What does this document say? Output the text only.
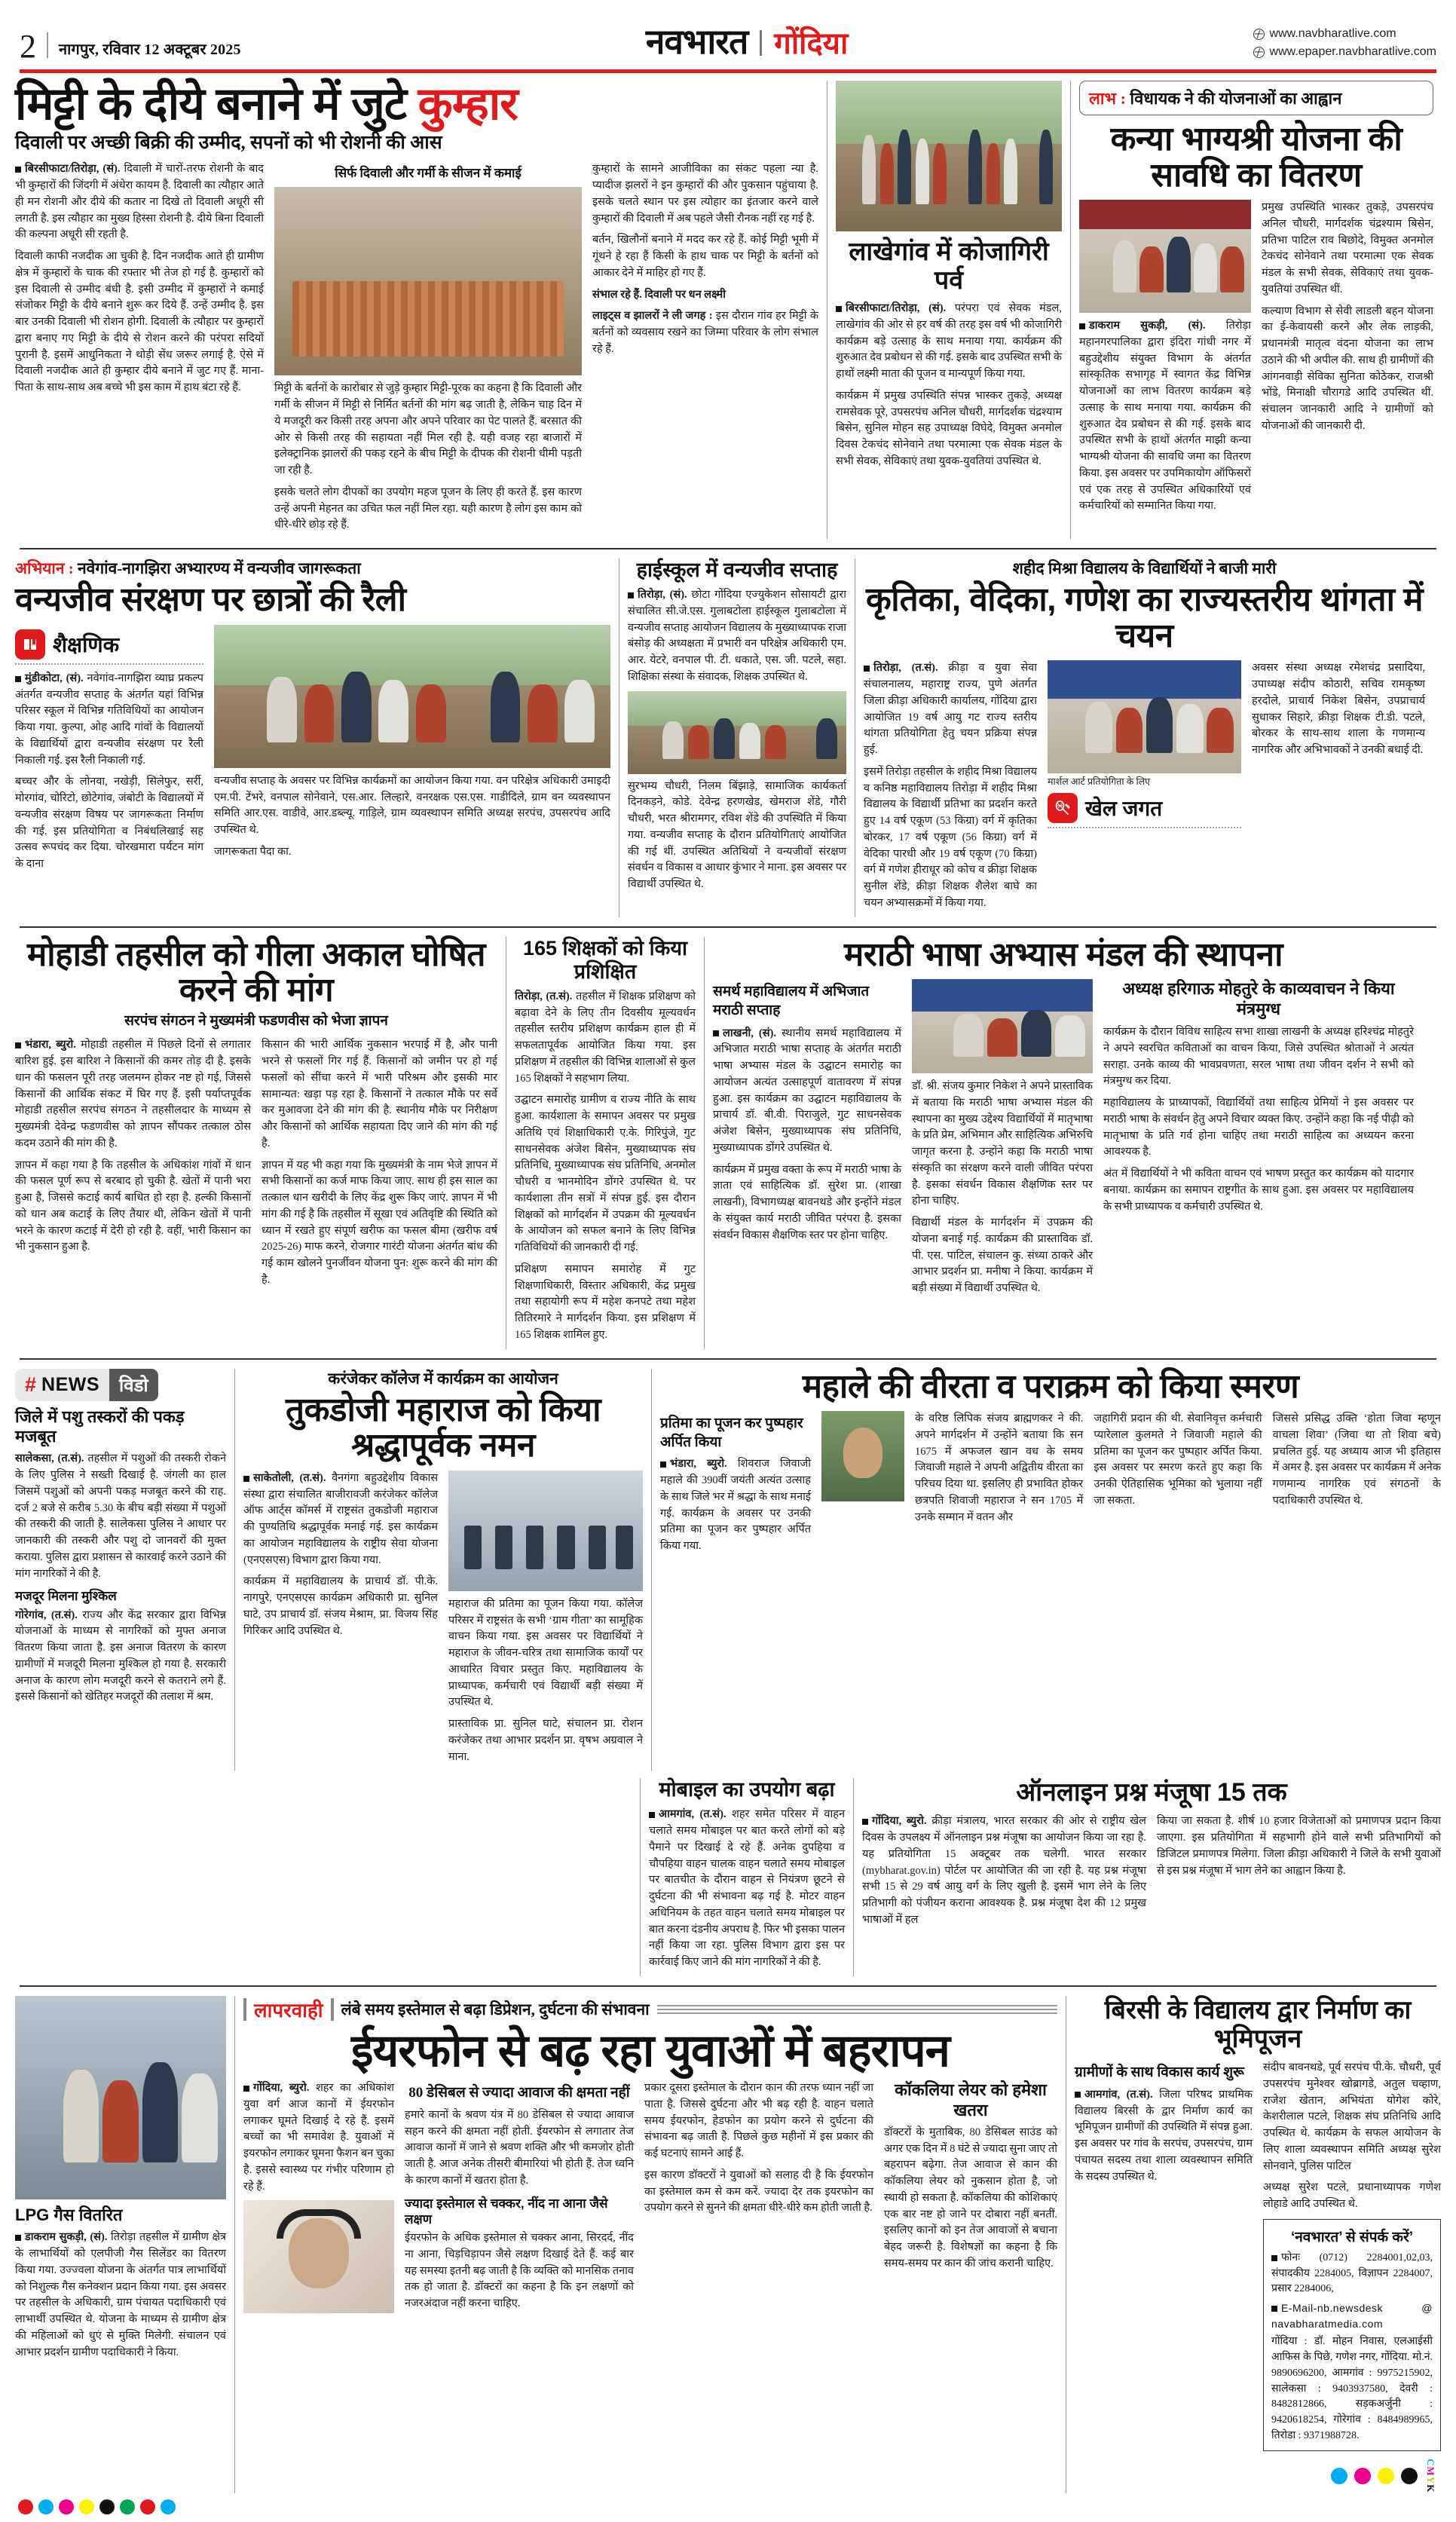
2 नागपुर, रविवार 12 अक्टूबर 2025	नवभारत गोंदिया	www.navbharatlive.com
www.epaper.navbharatlive.com
मिट्टी के दीये बनाने में जुटे कुम्हार
दिवाली पर अच्छी बिक्री की उम्मीद, सपनों को भी रोशनी की आस

बिरसीफाटा/तिरोड़ा, (सं). दिवाली में चारों-तरफ रोशनी के बाद भी कुम्हारों की जिंदगी में अंधेरा कायम है. दिवाली का त्यौहार आते ही मन रोशनी और दीये की कतार ना दिखे तो दिवाली अधूरी सी लगती है. इस त्यौहार का मुख्य हिस्सा रोशनी है. दीये बिना दिवाली की कल्पना अधूरी सी रहती है.

दिवाली काफी नजदीक आ चुकी है. दिन नजदीक आते ही ग्रामीण क्षेत्र में कुम्हारों के चाक की रफ्तार भी तेज हो गई है. कुम्हारों को इस दिवाली से उम्मीद बंधी है. इसी उम्मीद में कुम्हारों ने कमाई संजोकर मिट्टी के दीये बनाने शुरू कर दिये हैं. उन्हें उम्मीद है. इस बार उनकी दिवाली भी रोशन होगी. दिवाली के त्यौहार पर कुम्हारों द्वारा बनाए गए मिट्टी के दीये से रोशन करने की परंपरा सदियों पुरानी है. इसमें आधुनिकता ने थोड़ी सेंध जरूर लगाई है. ऐसे में दिवाली नजदीक आते ही कुम्हार दीये बनाने में जुट गए हैं. माना-पिता के साथ-साथ अब बच्चे भी इस काम में हाथ बंटा रहे हैं.

सिर्फ दिवाली और गर्मी के सीजन में कमाई

मिट्टी के बर्तनों के कारोबार से जुड़े कुम्हार मिट्टी-पूरक का कहना है कि दिवाली और गर्मी के सीजन में मिट्टी से निर्मित बर्तनों की मांग बढ़ जाती है, लेकिन चाह दिन में ये मजदूरी कर किसी तरह अपना और अपने परिवार का पेट पालते हैं. बरसात की ओर से किसी तरह की सहायता नहीं मिल रही है. यही वजह रहा बाजारों में इलेक्ट्रानिक झालरों की पकड़ रहने के बीच मिट्टी के दीपक की रोशनी धीमी पड़ती जा रही है.

इसके चलते लोग दीपकों का उपयोग महज पूजन के लिए ही करते हैं. इस कारण उन्हें अपनी मेहनत का उचित फल नहीं मिल रहा. यही कारण है लोग इस काम को धीरे-धीरे छोड़ रहे हैं.

कुम्हारों के सामने आजीविका का संकट पहला न्या है. प्यादीज झलरों ने इन कुम्हारों की और पुकसान पहुंचाया है. इसके चलते स्थान पर इस त्योहार का इंतजार करने वाले कुम्हारों की दिवाली में अब पहले जैसी रौनक नहीं रह गई है.

बर्तन, खिलौनों बनाने में मदद कर रहे हैं. कोई मिट्टी भूमी में गूंथने हे रहा हैं किसी के हाथ चाक पर मिट्टी के बर्तनों को आकार देने में माहिर हो गए हैं.

संभाल रहे हैं. दिवाली पर धन लक्ष्मी

लाइट्स व झालरों ने ली जगह : इस दौरान गांव हर मिट्टी के बर्तनों को व्यवसाय रखने का जिम्मा परिवार के लोग संभाल रहे हैं.

लाखेगांव में कोजागिरी पर्व

बिरसीफाटा/तिरोड़ा, (सं). परंपरा एवं सेवक मंडल, लाखेगांव की ओर से हर वर्ष की तरह इस वर्ष भी कोजागिरी कार्यक्रम बड़े उत्साह के साथ मनाया गया. कार्यक्रम की शुरुआत देव प्रबोधन से की गई. इसके बाद उपस्थित सभी के हाथों लक्ष्मी माता की पूजन व मान्यपूर्ण किया गया.

कार्यक्रम में प्रमुख उपस्थिति संपन्न भास्कर तुकड़े, अध्यक्ष रामसेवक पूरे, उपसरपंच अनिल चौधरी, मार्गदर्शक चंद्रश्याम बिसेन, सुनिल मोहन सह उपाध्यक्ष विघेदे, विमुक्त अनमोल दिवस टेकचंद सोनेवाने तथा परमात्मा एक सेवक मंडल के सभी सेवक, सेविकाएं तथा युवक-युवतियां उपस्थित थे.

लाभ : विधायक ने की योजनाओं का आह्वान
कन्या भाग्यश्री योजना की सावधि का वितरण

डाकराम सुकड़ी, (सं). तिरोड़ा महानगरपालिका द्वारा इंदिरा गांधी नगर में बहुउद्देशीय संयुक्त विभाग के अंतर्गत सांस्कृतिक सभागृह में स्वागत केंद्र विभिन्न योजनाओं का लाभ वितरण कार्यक्रम बड़े उत्साह के साथ मनाया गया. कार्यक्रम की शुरुआत देव प्रबोधन से की गई. इसके बाद उपस्थित सभी के हाथों अंतर्गत माझी कन्या भाग्यश्री योजना की सावधि जमा का वितरण किया. इस अवसर पर उपमिकायोग ऑफिसरों एवं एक तरह से उपस्थित अधिकारियों एवं कर्मचारियों को सम्मानित किया गया.

प्रमुख उपस्थिति भास्कर तुकड़े, उपसरपंच अनिल चौधरी, मार्गदर्शक चंद्रश्याम बिसेन, प्रतिभा पाटिल राव बिछोदे, विमुक्त अनमोल टेकचंद सोनेवाने तथा परमात्मा एक सेवक मंडल के सभी सेवक, सेविकाएं तथा युवक-युवतियां उपस्थित थीं.

कल्याण विभाग से सेवी लाडली बहन योजना का ई-केवायसी करने और लेक लाड़की, प्रधानमंत्री मातृत्व वंदना योजना का लाभ उठाने की भी अपील की. साथ ही ग्रामीणों की आंगनवाड़ी सेविका सुनिता कोठेकर, राजश्री भोंडे, मिनाक्षी चौरागडे आदि उपस्थित थीं. संचालन जानकारी आदि ने ग्रामीणों को योजनाओं की जानकारी दी.

अभियान : नवेगांव-नागझिरा अभ्यारण्य में वन्यजीव जागरूकता
वन्यजीव संरक्षण पर छात्रों की रैली
शैक्षणिक

मुंडीकोटा, (सं). नवेगांव-नागझिरा व्याघ्र प्रकल्प अंतर्गत वन्यजीव सप्ताह के अंतर्गत यहां विभिन्न परिसर स्कूल में विभिन्न गतिविधियों का आयोजन किया गया. कुल्पा, ओह आदि गांवों के विद्यालयों के विद्यार्थियों द्वारा वन्यजीव संरक्षण पर रैली निकाली गई. इस रैली निकाली गई.

बच्चर और के लोनवा, नखेड़ी, सिलेफुर, सर्री, मोरगांव, चोरिटो, छोटेगांव, जंबोटी के विद्यालयों में वन्यजीव संरक्षण विषय पर जागरूकता निर्माण की गई. इस प्रतियोगिता व निबंधलिखाई सह उत्सव रूपचंद कर दिया. चोरखमारा पर्यटन मांग के दाना

वन्यजीव सप्ताह के अवसर पर विभिन्न कार्यक्रमों का आयोजन किया गया. वन परिक्षेत्र अधिकारी उमाइदी एम.पी. टेंभरे, वनपाल सोनेवाने, एस.आर. लिल्हारे, वनरक्षक एस.एस. गाडीदिले, ग्राम वन व्यवस्थापन समिति आर.एस. वाडीवे, आर.डब्ल्यू. गाड़िले, ग्राम व्यवस्थापन समिति अध्यक्ष सरपंच, उपसरपंच आदि उपस्थित थे.

जागरूकता पैदा का.

हाईस्कूल में वन्यजीव सप्ताह

तिरोड़ा, (सं). छोटा गोंदिया एज्युकेशन सोसायटी द्वारा संचालित सी.जे.एस. गुलाबटोला हाईस्कूल गुलाबटोला में वन्यजीव सप्ताह आयोजन विद्यालय के मुख्याध्यापक राजा बंसोड़ की अध्यक्षता में प्रभारी वन परिक्षेत्र अधिकारी एम. आर. येटरे, वनपाल पी. टी. धकाते, एस. जी. पटले, सहा. शिक्षिका संस्था के संवादक, शिक्षक उपस्थित थे.

सुरभम्य चौधरी, निलम बिंझाड़े, सामाजिक कार्यकर्ता दिनकड़ने, कोडे. देवेन्द्र हरणखेड, खेमराज शेंडे, गौरी चौधरी, भरत श्रीरामगर, रविश शेंडे की उपस्थिति में किया गया. वन्यजीव सप्ताह के दौरान प्रतियोगिताएं आयोजित की गई थीं. उपस्थित अतिथियों ने वन्यजीवों संरक्षण संवर्धन व विकास व आधार कुंभार ने माना. इस अवसर पर विद्यार्थी उपस्थित थे.

शहीद मिश्रा विद्यालय के विद्यार्थियों ने बाजी मारी
कृतिका, वेदिका, गणेश का राज्यस्तरीय थांगता में चयन

तिरोड़ा, (त.सं). क्रीड़ा व युवा सेवा संचालनालय, महाराष्ट्र राज्य, पुणे अंतर्गत जिला क्रीड़ा अधिकारी कार्यालय, गोंदिया द्वारा आयोजित 19 वर्ष आयु गट राज्य स्तरीय थांगता प्रतियोगिता हेतु चयन प्रक्रिया संपन्न हुई.

इसमें तिरोड़ा तहसील के शहीद मिश्रा विद्यालय व कनिष्ठ महाविद्यालय तिरोड़ा में शहीद मिश्रा विद्यालय के विद्यार्थी प्रतिभा का प्रदर्शन करते हुए 14 वर्ष एकूण (53 किग्रा) वर्ग में कृतिका बोरकर, 17 वर्ष एकूण (56 किग्रा) वर्ग में वेदिका पारधी और 19 वर्ष एकूण (70 किग्रा) वर्ग में गणेश हीराधूर को कोच व क्रीड़ा शिक्षक सुनील शेंडे, क्रीड़ा शिक्षक शैलेश बाघे का चयन अभ्यासक्रमों में किया गया.

मार्शल आर्ट प्रतियोगिता के लिए
खेल जगत

अवसर संस्था अध्यक्ष रमेशचंद्र प्रसादिया, उपाध्यक्ष संदीप कोठारी, सचिव रामकृष्ण हरदोले, प्राचार्य निकेश बिसेन, उपप्राचार्य सुधाकर सिहारे, क्रीड़ा शिक्षक टी.डी. पटले, बोरकर के साथ-साथ शाला के गणमान्य नागरिक और अभिभावकों ने उनकी बधाई दी.

मोहाडी तहसील को गीला अकाल घोषित करने की मांग
सरपंच संगठन ने मुख्यमंत्री फडणवीस को भेजा ज्ञापन

भंडारा, ब्युरो. मोहाडी तहसील में पिछले दिनों से लगातार बारिश हुई. इस बारिश ने किसानों की कमर तोड़ दी है. इसके धान की फसलन पूरी तरह जलमग्न होकर नष्ट हो गई, जिससे किसानों की आर्थिक संकट में घिर गए हैं. इसी पर्याप्तपूर्वक मोहाडी तहसील सरपंच संगठन ने तहसीलदार के माध्यम से मुख्यमंत्री देवेन्द्र फडणवीस को ज्ञापन सौंपकर तत्काल ठोस कदम उठाने की मांग की है.

ज्ञापन में कहा गया है कि तहसील के अधिकांश गांवों में धान की फसल पूर्ण रूप से बरबाद हो चुकी है. खेतों में पानी भरा हुआ है, जिससे कटाई कार्य बाधित हो रहा है. हल्की किसानों को धान अब कटाई के लिए तैयार थी, लेकिन खेतों में पानी भरने के कारण कटाई में देरी हो रही है. वहीं, भारी किसान का भी नुकसान हुआ है.

किसान की भारी आर्थिक नुकसान भरपाई में है, और पानी भरने से फसलों गिर गई हैं. किसानों को जमीन पर हो गई फसलों को सींचा करने में भारी परिश्रम और इसकी मार सामान्यत: खड़ा पड़ रहा है. किसानों ने तत्काल मौके पर सर्वे कर मुआवजा देने की मांग की है. स्थानीय मौके पर निरीक्षण और किसानों को आर्थिक सहायता दिए जाने की मांग की गई है.

ज्ञापन में यह भी कहा गया कि मुख्यमंत्री के नाम भेजे ज्ञापन में सभी किसानों का कर्ज माफ किया जाए. साथ ही इस साल का तत्काल धान खरीदी के लिए केंद्र शुरू किए जाएं. ज्ञापन में भी मांग की गई है कि तहसील में सूखा एवं अतिवृष्टि की स्थिति को ध्यान में रखते हुए संपूर्ण खरीफ का फसल बीमा (खरीफ वर्ष 2025-26) माफ करने, रोजगार गारंटी योजना अंतर्गत बांध की गई काम खोलने पुनर्जीवन योजना पुन: शुरू करने की मांग की है.

165 शिक्षकों को किया प्रशिक्षित

तिरोड़ा, (त.सं). तहसील में शिक्षक प्रशिक्षण को बढ़ावा देने के लिए तीन दिवसीय मूल्यवर्धन तहसील स्तरीय प्रशिक्षण कार्यक्रम हाल ही में सफलतापूर्वक आयोजित किया गया. इस प्रशिक्षण में तहसील की विभिन्न शालाओं से कुल 165 शिक्षकों ने सहभाग लिया.

उद्घाटन समारोह ग्रामीण व राज्य नीति के साथ हुआ. कार्यशाला के समापन अवसर पर प्रमुख अतिथि एवं शिक्षाधिकारी ए.के. गिरिपुंजे, गुट साधनसेवक अंजेश बिसेन, मुख्याध्यापक संघ प्रतिनिधि, मुख्याध्यापक संघ प्रतिनिधि, अनमोल चौधरी व भानमोदिन डोंगरे उपस्थित थे. पर कार्यशाला तीन सत्रों में संपन्न हुई. इस दौरान शिक्षकों को मार्गदर्शन में उपक्रम की मूल्यवर्धन के आयोजन को सफल बनाने के लिए विभिन्न गतिविधियों की जानकारी दी गई.

प्रशिक्षण समापन समारोह में गुट शिक्षणाधिकारी, विस्तार अधिकारी, केंद्र प्रमुख तथा सहायोगी रूप में महेश कनपटे तथा महेश तितिरमारे ने मार्गदर्शन किया. इस प्रशिक्षण में 165 शिक्षक शामिल हुए.

मराठी भाषा अभ्यास मंडल की स्थापना
समर्थ महाविद्यालय में अभिजात मराठी सप्ताह

लाखनी, (सं). स्थानीय समर्थ महाविद्यालय में अभिजात मराठी भाषा सप्ताह के अंतर्गत मराठी भाषा अभ्यास मंडल के उद्घाटन समारोह का आयोजन अत्यंत उत्साहपूर्ण वातावरण में संपन्न हुआ. इस कार्यक्रम का उद्घाटन महाविद्यालय के प्राचार्य डॉ. बी.वी. पिराजुले, गुट साधनसेवक अंजेश बिसेन, मुख्याध्यापक संघ प्रतिनिधि, मुख्याध्यापक डोंगरे उपस्थित थे.

कार्यक्रम में प्रमुख वक्ता के रूप में मराठी भाषा के ज्ञाता एवं साहित्यिक डॉ. सुरेश प्रा. (शाखा लाखनी), विभागध्यक्ष बावनथडे और इन्होंने मंडल के संयुक्त कार्य मराठी जीवित परंपरा है. इसका संवर्धन विकास शैक्षणिक स्तर पर होना चाहिए.

डॉ. श्री. संजय कुमार निकेश ने अपने प्रास्ताविक में बताया कि मराठी भाषा अभ्यास मंडल की स्थापना का मुख्य उद्देश्य विद्यार्थियों में मातृभाषा के प्रति प्रेम, अभिमान और साहित्यिक अभिरुचि जागृत करना है. उन्होंने कहा कि मराठी भाषा संस्कृति का संरक्षण करने वाली जीवित परंपरा है. इसका संवर्धन विकास शैक्षणिक स्तर पर होना चाहिए.

विद्यार्थी मंडल के मार्गदर्शन में उपक्रम की योजना बनाई गई. कार्यक्रम की प्रास्ताविक डॉ. पी. एस. पाटिल, संचालन कु. संध्या ठाकरे और आभार प्रदर्शन प्रा. मनीषा ने किया. कार्यक्रम में बड़ी संख्या में विद्यार्थी उपस्थित थे.

अध्यक्ष हरिगाऊ मोहतुरे के काव्यवाचन ने किया मंत्रमुग्ध

कार्यक्रम के दौरान विविध साहित्य सभा शाखा लाखनी के अध्यक्ष हरिश्चंद्र मोहतुरे ने अपने स्वरचित कविताओं का वाचन किया, जिसे उपस्थित श्रोताओं ने अत्यंत सराहा. उनके काव्य की भावप्रवणता, सरल भाषा तथा जीवन दर्शन ने सभी को मंत्रमुग्ध कर दिया.

महाविद्यालय के प्राध्यापकों, विद्यार्थियों तथा साहित्य प्रेमियों ने इस अवसर पर मराठी भाषा के संवर्धन हेतु अपने विचार व्यक्त किए. उन्होंने कहा कि नई पीढ़ी को मातृभाषा के प्रति गर्व होना चाहिए तथा मराठी साहित्य का अध्ययन करना आवश्यक है.

अंत में विद्यार्थियों ने भी कविता वाचन एवं भाषण प्रस्तुत कर कार्यक्रम को यादगार बनाया. कार्यक्रम का समापन राष्ट्रगीत के साथ हुआ. इस अवसर पर महाविद्यालय के सभी प्राध्यापक व कर्मचारी उपस्थित थे.

# NEWS	विडो
जिले में पशु तस्करों की पकड़ मजबूत

सालेकसा, (त.सं). तहसील में पशुओं की तस्करी रोकने के लिए पुलिस ने सख्ती दिखाई है. जंगली का हाल जिसमें पशुओं को अपनी पकड़ मजबूत करने की राह. दर्ज 2 बजे से करीब 5.30 के बीच बड़ी संख्या में पशुओं की तस्करी की जाती है. सालेकसा पुलिस ने आधार पर जानकारी की तस्करी और पशु दो जानवरों की मुक्त कराया. पुलिस द्वारा प्रशासन से कारवाई करने उठाने की मांग नागरिकों ने की है.

मजदूर मिलना मुश्किल

गोरेगांव, (त.सं). राज्य और केंद्र सरकार द्वारा विभिन्न योजनाओं के माध्यम से नागरिकों को मुफ्त अनाज वितरण किया जाता है. इस अनाज वितरण के कारण ग्रामीणों में मजदूरी मिलना मुश्किल हो गया है. सरकारी अनाज के कारण लोग मजदूरी करने से कतराने लगे हैं. इससे किसानों को खेतिहर मजदूरों की तलाश में श्रम.

करंजेकर कॉलेज में कार्यक्रम का आयोजन
तुकडोजी महाराज को किया श्रद्धापूर्वक नमन

सा‍केतोली, (त.सं). वैनगंगा बहुउद्देशीय विकास संस्था द्वारा संचालित बाजीरावजी करंजेकर कॉलेज ऑफ आर्ट्स कॉमर्स में राष्ट्रसंत तुकडोजी महाराज की पुण्यतिथि श्रद्धापूर्वक मनाई गई. इस कार्यक्रम का आयोजन महाविद्यालय के राष्ट्रीय सेवा योजना (एनएसएस) विभाग द्वारा किया गया.

कार्यक्रम में महाविद्यालय के प्राचार्य डॉ. पी.के. नागपुरे, एनएसएस कार्यक्रम अधिकारी प्रा. सुनिल घाटे, उप प्राचार्य डॉ. संजय मेश्राम, प्रा. विजय सिंह गिरिकर आदि उपस्थित थे.

महाराज की प्रतिमा का पूजन किया गया. कॉलेज परिसर में राष्ट्रसंत के सभी ‘ग्राम गीता’ का सामूहिक वाचन किया गया. इस अवसर पर विद्यार्थियों ने महाराज के जीवन-चरित्र तथा सामाजिक कार्यों पर आधारित विचार प्रस्तुत किए. महाविद्यालय के प्राध्यापक, कर्मचारी एवं विद्यार्थी बड़ी संख्या में उपस्थित थे.

प्रास्ताविक प्रा. सुनिल घाटे, संचालन प्रा. रोशन करंजेकर तथा आभार प्रदर्शन प्रा. वृषभ अग्रवाल ने माना.

महाले की वीरता व पराक्रम को किया स्मरण
प्रतिमा का पूजन कर पुष्पहार अर्पित किया

भंडारा, ब्युरो. शिवराज जिवाजी महाले की 390वीं जयंती अत्यंत उत्साह के साथ जिले भर में श्रद्धा के साथ मनाई गई. कार्यक्रम के अवसर पर उनकी प्रतिमा का पूजन कर पुष्पहार अर्पित किया गया.

के वरिष्ठ लिपिक संजय ब्राह्मणकर ने की. अपने मार्गदर्शन में उन्होंने बताया कि सन 1675 में अफजल खान वध के समय जिवाजी महाले ने अपनी अद्वितीय वीरता का परिचय दिया था. इसलिए ही प्रभावित होकर छत्रपति शिवाजी महाराज ने सन 1705 में उनके सम्मान में वतन और

जहागिरी प्रदान की थी. सेवानिवृत्त कर्मचारी प्यारेलाल कुलमते ने जिवाजी महाले की प्रतिमा का पूजन कर पुष्पहार अर्पित किया. इस अवसर पर स्मरण करते हुए कहा कि उनकी ऐतिहासिक भूमिका को भुलाया नहीं जा सकता.

जिससे प्रसिद्ध उक्ति ‘होता जिवा म्हणून वाचला शिवा’ (जिवा था तो शिवा बचे) प्रचलित हुई. यह अध्याय आज भी इतिहास में अमर है. इस अवसर पर कार्यक्रम में अनेक गणमान्य नागरिक एवं संगठनों के पदाधिकारी उपस्थित थे.

मोबाइल का उपयोग बढ़ा

आमगांव, (त.सं). शहर समेत परिसर में वाहन चलाते समय मोबाइल पर बात करते लोगों को बड़े पैमाने पर दिखाई दे रहे हैं. अनेक दुपहिया व चौपहिया वाहन चालक वाहन चलाते समय मोबाइल पर बातचीत के दौरान वाहन से नियंत्रण छूटने से दुर्घटना की भी संभावना बढ़ गई है. मोटर वाहन अधिनियम के तहत वाहन चलाते समय मोबाइल पर बात करना दंडनीय अपराध है. फिर भी इसका पालन नहीं किया जा रहा. पुलिस विभाग द्वारा इस पर कार्रवाई किए जाने की मांग नागरिकों ने की है.

ऑनलाइन प्रश्न मंजूषा 15 तक

गोंदिया, ब्युरो. क्रीड़ा मंत्रालय, भारत सरकार की ओर से राष्ट्रीय खेल दिवस के उपलक्ष्य में ऑनलाइन प्रश्न मंजूषा का आयोजन किया जा रहा है. यह प्रतियोगिता 15 अक्टूबर तक चलेगी. भारत सरकार (mybharat.gov.in) पोर्टल पर आयोजित की जा रही है. यह प्रश्न मंजूषा सभी 15 से 29 वर्ष आयु वर्ग के लिए खुली है. इसमें भाग लेने के लिए प्रतिभागी को पंजीयन कराना आवश्यक है. प्रश्न मंजूषा देश की 12 प्रमुख भाषाओं में हल

किया जा सकता है. शीर्ष 10 हजार विजेताओं को प्रमाणपत्र प्रदान किया जाएगा. इस प्रतियोगिता में सहभागी होने वाले सभी प्रतिभागियों को डिजिटल प्रमाणपत्र मिलेगा. जिला क्रीड़ा अधिकारी ने जिले के सभी युवाओं से इस प्रश्न मंजूषा में भाग लेने का आह्वान किया है.

LPG गैस वितरित

डाकराम सुकड़ी, (सं). तिरोड़ा तहसील में ग्रामीण क्षेत्र के लाभार्थियों को एलपीजी गैस सिलेंडर का वितरण किया गया. उज्ज्वला योजना के अंतर्गत पात्र लाभार्थियों को निशुल्क गैस कनेक्शन प्रदान किया गया. इस अवसर पर तहसील के अधिकारी, ग्राम पंचायत पदाधिकारी एवं लाभार्थी उपस्थित थे. योजना के माध्यम से ग्रामीण क्षेत्र की महिलाओं को धुएं से मुक्ति मिलेगी. संचालन एवं आभार प्रदर्शन ग्रामीण पदाधिकारी ने किया.

लापरवाही लंबे समय इस्तेमाल से बढ़ा डिप्रेशन, दुर्घटना की संभावना
ईयरफोन से बढ़ रहा युवाओं में बहरापन

गोंदिया, ब्युरो. शहर का अधिकांश युवा वर्ग आज कानों में ईयरफोन लगाकर घूमते दिखाई दे रहे हैं. इसमें बच्चों का भी समावेश है. युवाओं में इयरफोन लगाकर घूमना फैशन बन चुका है. इससे स्वास्थ्य पर गंभीर परिणाम हो रहे हैं.

80 डेसिबल से ज्यादा आवाज की क्षमता नहीं

हमारे कानों के श्रवण यंत्र में 80 डेसिबल से ज्यादा आवाज सहन करने की क्षमता नहीं होती. ईयरफोन से लगातार तेज आवाज कानों में जाने से श्रवण शक्ति और भी कमजोर होती जाती है. आज अनेक तीसरी बीमारियां भी होती हैं. तेज ध्वनि के कारण कानों में खतरा होता है.

ज्यादा इस्तेमाल से चक्कर, नींद ना आना जैसे लक्षण

ईयरफोन के अधिक इस्तेमाल से चक्कर आना, सिरदर्द, नींद ना आना, चिड़चिड़ापन जैसे लक्षण दिखाई देते हैं. कई बार यह समस्या इतनी बढ़ जाती है कि व्यक्ति को मानसिक तनाव तक हो जाता है. डॉक्टरों का कहना है कि इन लक्षणों को नजरअंदाज नहीं करना चाहिए.

प्रकार दूसरा इस्तेमाल के दौरान कान की तरफ ध्यान नहीं जा पाता है. जिससे दुर्घटना और भी बढ़ रही है. वाहन चलाते समय ईयरफोन, हेडफोन का प्रयोग करने से दुर्घटना की संभावना बढ़ जाती है. पिछले कुछ महीनों में इस प्रकार की कई घटनाएं सामने आई हैं.

इस कारण डॉक्टरों ने युवाओं को सलाह दी है कि ईयरफोन का इस्तेमाल कम से कम करें. ज्यादा देर तक इयरफोन का उपयोग करने से सुनने की क्षमता धीरे-धीरे कम होती जाती है.

कॉकलिया लेयर को हमेशा खतरा

डॉक्टरों के मुताबिक, 80 डेसिबल साउंड को अगर एक दिन में 8 घंटे से ज्यादा सुना जाए तो बहरापन बढ़ेगा. तेज आवाज से कान की कॉकलिया लेयर को नुकसान होता है, जो स्थायी हो सकता है. कॉकलिया की कोशिकाएं एक बार नष्ट हो जाने पर दोबारा नहीं बनतीं. इसलिए कानों को इन तेज आवाजों से बचाना बेहद जरूरी है. विशेषज्ञों का कहना है कि समय-समय पर कान की जांच करानी चाहिए.

बिरसी के विद्यालय द्वार निर्माण का भूमिपूजन
ग्रामीणों के साथ विकास कार्य शुरू

आमगांव, (त.सं). जिला परिषद प्राथमिक विद्यालय बिरसी के द्वार निर्माण कार्य का भूमिपूजन ग्रामीणों की उपस्थिति में संपन्न हुआ. इस अवसर पर गांव के सरपंच, उपसरपंच, ग्राम पंचायत सदस्य तथा शाला व्यवस्थापन समिति के सदस्य उपस्थित थे.

संदीप बावनथडे, पूर्व सरपंच पी.के. चौधरी, पूर्व उपसरपंच मुनेश्वर खोब्रागडे, अतुल चव्हाण, राजेश खेतान, अभियंता योगेश कोरे, केशरीलाल पटले, शिक्षक संघ प्रतिनिधि आदि उपस्थित थे. कार्यक्रम के सफल आयोजन के लिए शाला व्यवस्थापन समिति अध्यक्ष सुरेश सोनवाने, पुलिस पाटिल

अध्यक्ष सुरेश पटले, प्रधानाध्यापक गणेश लोहाडे आदि उपस्थित थे.

‘नवभारत’ से संपर्क करें’
फोनः (0712) 2284001,02,03, संपादकीय 2284005, विज्ञापन 2284007, प्रसार 2284006,
E-Mail-nb.newsdesk @ navabharatmedia.com
गोंदिया : डॉ. मोहन निवास, एलआईसी आफिस के पिछे, गणेश नगर, गोंदिया. मो.नं. 9890696200, आमगांव : 9975215902, सालेकसा : 9403937580, देवरी : 8482812866, सड़कअर्जुनी : 9420618254, गोरेगांव : 8484989965, तिरोडा : 9371988728.
CMYK
